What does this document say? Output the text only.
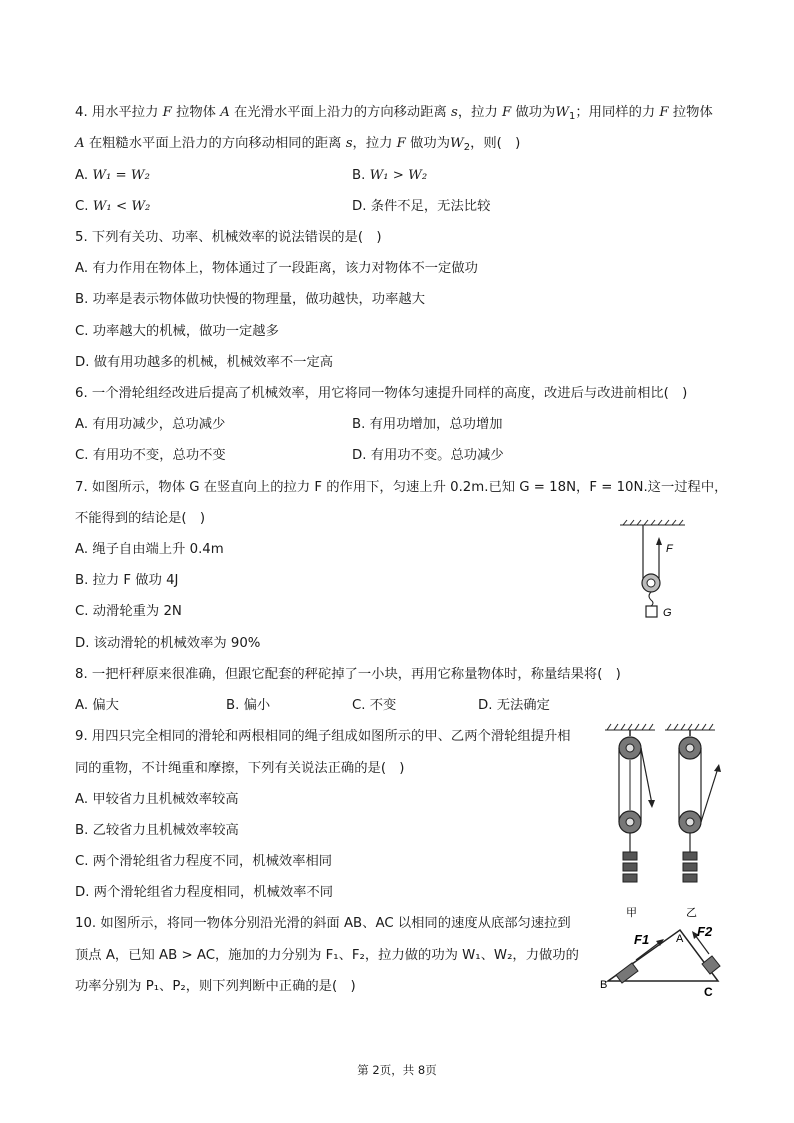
4. 用水平拉力 F 拉物体 A 在光滑水平面上沿力的方向移动距离 s，拉力 F 做功为$W_1$；用同样的力 F 拉物体
A 在粗糙水平面上沿力的方向移动相同的距离 s，拉力 F 做功为$W_2$，则(　)
A. W₁ = W₂	B. W₁ > W₂
C. W₁ < W₂	D. 条件不足，无法比较
5. 下列有关功、功率、机械效率的说法错误的是(　)
A. 有力作用在物体上，物体通过了一段距离，该力对物体不一定做功
B. 功率是表示物体做功快慢的物理量，做功越快，功率越大
C. 功率越大的机械，做功一定越多
D. 做有用功越多的机械，机械效率不一定高
6. 一个滑轮组经改进后提高了机械效率，用它将同一物体匀速提升同样的高度，改进后与改进前相比(　)
A. 有用功减少，总功减少	B. 有用功增加，总功增加
C. 有用功不变，总功不变	D. 有用功不变。总功减少
7. 如图所示，物体 G 在竖直向上的拉力 F 的作用下，匀速上升 0.2m.已知 G = 18N，F = 10N.这一过程中，
不能得到的结论是(　)
A. 绳子自由端上升 0.4m
B. 拉力 F 做功 4J
C. 动滑轮重为 2N
D. 该动滑轮的机械效率为 90%
F
G
8. 一把杆秤原来很准确，但跟它配套的秤砣掉了一小块，再用它称量物体时，称量结果将(　)
A. 偏大	B. 偏小	C. 不变	D. 无法确定
9. 用四只完全相同的滑轮和两根相同的绳子组成如图所示的甲、乙两个滑轮组提升相
同的重物，不计绳重和摩擦，下列有关说法正确的是(　)
A. 甲较省力且机械效率较高
B. 乙较省力且机械效率较高
C. 两个滑轮组省力程度不同，机械效率相同
D. 两个滑轮组省力程度相同，机械效率不同
甲	乙
10. 如图所示，将同一物体分别沿光滑的斜面 AB、AC 以相同的速度从底部匀速拉到
顶点 A，已知 AB > AC，施加的力分别为 F₁、F₂，拉力做的功为 W₁、W₂，力做功的
功率分别为 P₁、P₂，则下列判断中正确的是(　)
F1
F2
A
B	C
第 2页，共 8页
